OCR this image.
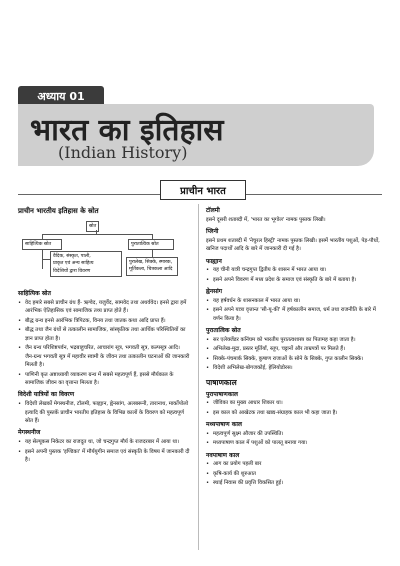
अध्याय 01
भारत का इतिहास
(Indian History)
प्राचीन भारत
प्राचीन भारतीय इतिहास के स्रोत
स्रोत
साहित्यिक स्रोत	पुरातात्विक स्रोत
वैदिक, संस्कृत, पाली,
प्राकृत एवं अन्य साहित्य
विदेशियों द्वारा विवरण
पुरालेख, सिक्के, स्मारक,
मूर्तिकला, चित्रकला आदि
साहित्यिक स्रोत
• वेद हमारे सबसे प्राचीन ग्रंथ हैं- ऋग्वेद, यजुर्वेद, सामवेद तथा अथर्ववेद। इनसे द्वारा हमें आरंभिक ऐतिहासिक एवं सामाजिक तथ्य प्राप्त होते हैं।
• बौद्ध ग्रन्थ इनसे आरंभिक त्रिपिटक, विनय तथा जातक कथा आदि प्राप्त हैं।
• बौद्ध तथा जैन ग्रंथों से तत्कालीन सामाजिक, सांस्कृतिक तथा आर्थिक परिस्थितियों का ज्ञान प्राप्त होता है।
• जैन ग्रन्थ परिशिष्टपर्वन, भद्रबाहुचरित, आचारांग सूत्र, भगवती सूत्र, कल्पसूत्र आदि। जैन-ग्रन्थ भगवती सूत्र में महावीर स्वामी के जीवन तथा तत्कालीन घटनाओं की जानकारी मिलती है।
• पाणिनी कृत अष्टाध्यायी व्याकरण ग्रन्थ में सबसे महत्वपूर्ण हैं, इससे मौर्यकाल के सामाजिक जीवन का वृत्तान्त मिलता है।
विदेशी यात्रियों का विवरण
• विदेशी लेखकों मेगस्थनीज, टॉलमी, फाह्यान, ह्वेनसांग, अलबरूनी, तारानाथ, मार्कोपोलो इत्यादि की पुस्तकें प्राचीन भारतीय इतिहास के विभिन्न कालों के विवरण को महत्वपूर्ण स्रोत हैं।
मेगस्थनीज
• यह सेल्यूकस निकेटर का राजदूत था, जो चन्द्रगुप्त मौर्य के राजदरबार में आया था।
• इसने अपनी पुस्तक 'इण्डिका' में मौर्ययुगीन समाज एवं संस्कृति के विषय में जानकारी दी है।
टॉलमी
इसने दूसरी शताब्दी में, 'भारत का भूगोल' नामक पुस्तक लिखी।
प्लिनी
इसने प्रथम शताब्दी में 'नेचुरल हिस्ट्री' नामक पुस्तक लिखी। इसमें भारतीय पशुओं, पेड़-पौधों, खनिज पदार्थों आदि के बारे में जानकारी दी गई है।
फाह्यान
• यह चीनी यात्री चन्द्रगुप्त द्वितीय के शासन में भारत आया था।
• इसने अपने विवरण में मध्य प्रदेश के समाज एवं संस्कृति के बारे में बताया है।
ह्वेनसांग
• यह हर्षवर्धन के शासनकाल में भारत आया था।
• इसने अपने यात्रा वृत्तान्त 'सी-यू-की' में हर्षकालीन समाज, धर्म तथा राजनीति के बारे में वर्णन किया है।
पुरातात्विक स्रोत
• सर एलेक्जेंडर कनिंघम को भारतीय पुरातत्वशास्त्र का पितामह कहा जाता है।
• अभिलेख-मुद्रा, प्रस्तर मूर्तियाँ, स्तूप, चट्टानों और ताम्रपत्रों पर मिलते हैं।
• सिक्के-पंचमार्क सिक्के, कुषाण राजाओं के सोने के सिक्के, गुप्त कालीन सिक्के।
• विदेशी अभिलेख-बोगजकोई, हेलियोडोरस।
पाषाणकाल
पुरापाषाणकाल
• जीविका का मुख्य आधार शिकार था।
• इस काल को आखेटक तथा खाद्य-संग्राहक काल भी कहा जाता है।
मध्यपाषाण काल
• महत्वपूर्ण सूक्ष्म औजार की उपस्थिति।
• मध्यपाषाण काल में पशुओं को पालतू बनाया गया।
नवपाषाण काल
• आग का प्रयोग पहली बार
• कृषि-कार्य की शुरुआत
• स्थाई निवास की प्रवृत्ति विकसित हुई।
